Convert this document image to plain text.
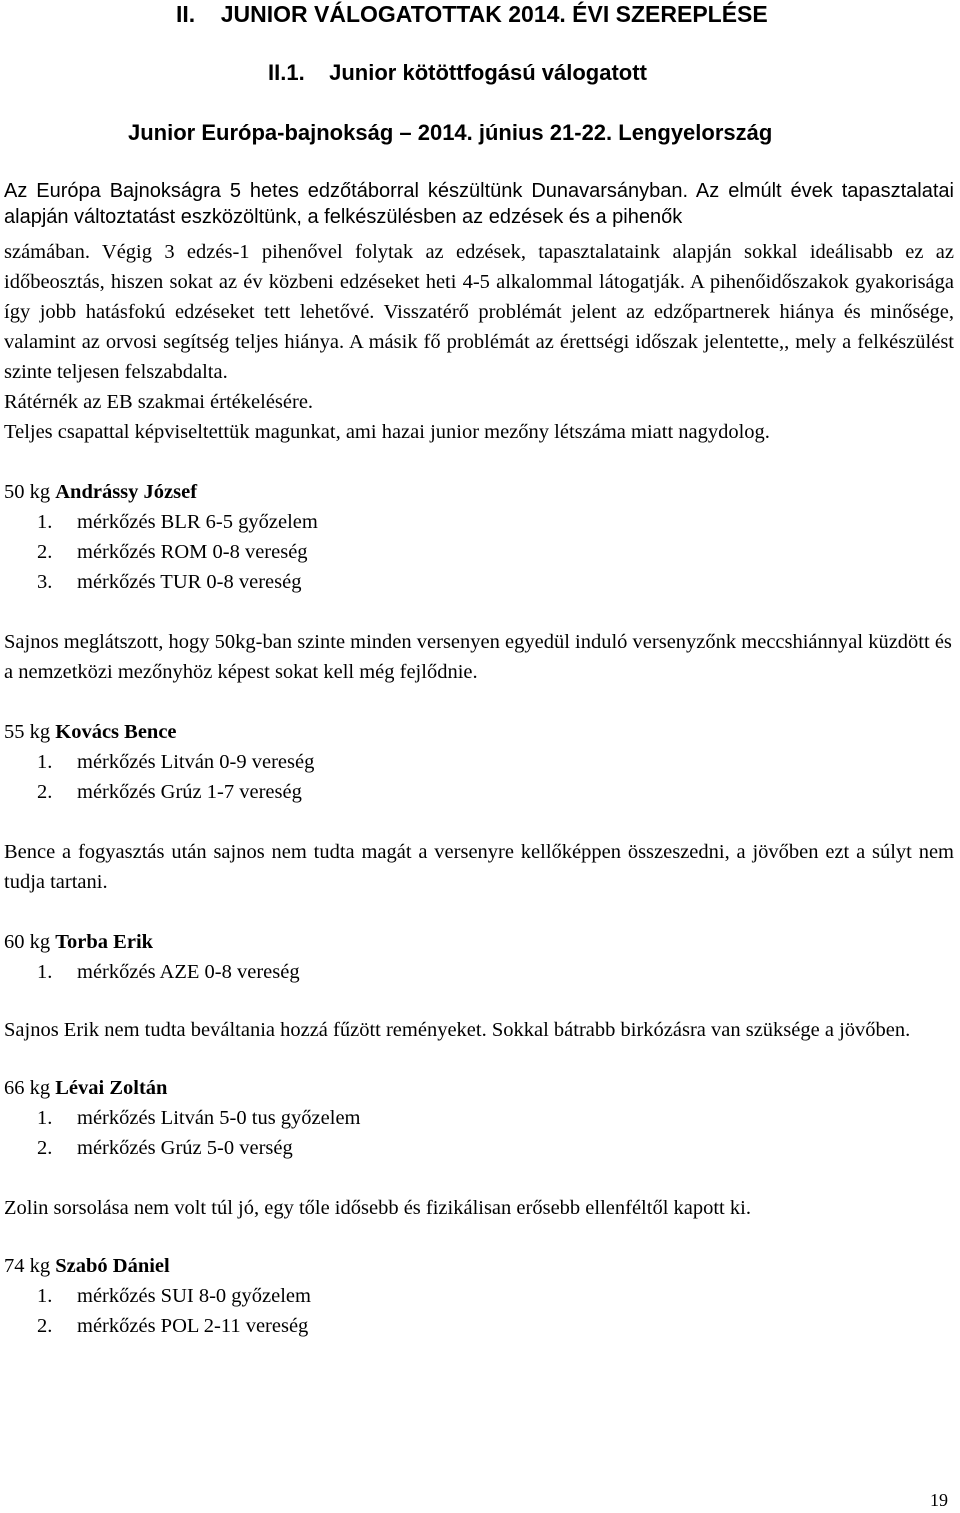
II.    JUNIOR VÁLOGATOTTAK 2014. ÉVI SZEREPLÉSE
II.1.    Junior kötöttfogású válogatott
Junior Európa-bajnokság – 2014. június 21-22. Lengyelország

Az Európa Bajnokságra 5 hetes edzőtáborral készültünk Dunavarsányban. Az elmúlt évek tapasztalatai alapján változtatást eszközöltünk, a felkészülésben az edzések és a pihenők

számában. Végig 3 edzés-1 pihenővel folytak az edzések, tapasztalataink alapján sokkal ideálisabb ez az időbeosztás, hiszen sokat az év közbeni edzéseket heti 4-5 alkalommal látogatják. A pihenőidőszakok gyakorisága így jobb hatásfokú edzéseket tett lehetővé. Visszatérő problémát jelent az edzőpartnerek hiánya és minősége, valamint az orvosi segítség teljes hiánya. A másik fő problémát az érettségi időszak jelentette,, mely a felkészülést szinte teljesen felszabdalta.

Rátérnék az EB szakmai értékelésére.

Teljes csapattal képviseltettük magunkat, ami hazai junior mezőny létszáma miatt nagydolog.

50 kg Andrássy József

1. mérkőzés BLR 6-5 győzelem
2. mérkőzés ROM 0-8 vereség
3. mérkőzés TUR 0-8 vereség

Sajnos meglátszott, hogy 50kg-ban szinte minden versenyen egyedül induló versenyzőnk meccshiánnyal küzdött és a nemzetközi mezőnyhöz képest sokat kell még fejlődnie.

55 kg Kovács Bence

1. mérkőzés Litván 0-9 vereség
2. mérkőzés Grúz 1-7 vereség

Bence a fogyasztás után sajnos nem tudta magát a versenyre kellőképpen összeszedni, a jövőben ezt a súlyt nem tudja tartani.

60 kg Torba Erik

1. mérkőzés AZE 0-8 vereség

Sajnos Erik nem tudta beváltania hozzá fűzött reményeket. Sokkal bátrabb birkózásra van szüksége a jövőben.

66 kg Lévai Zoltán

1. mérkőzés Litván 5-0 tus győzelem
2. mérkőzés Grúz 5-0 verség

Zolin sorsolása nem volt túl jó, egy tőle idősebb és fizikálisan erősebb ellenféltől kapott ki.

74 kg Szabó Dániel

1. mérkőzés SUI 8-0 győzelem
2. mérkőzés POL 2-11 vereség
19
